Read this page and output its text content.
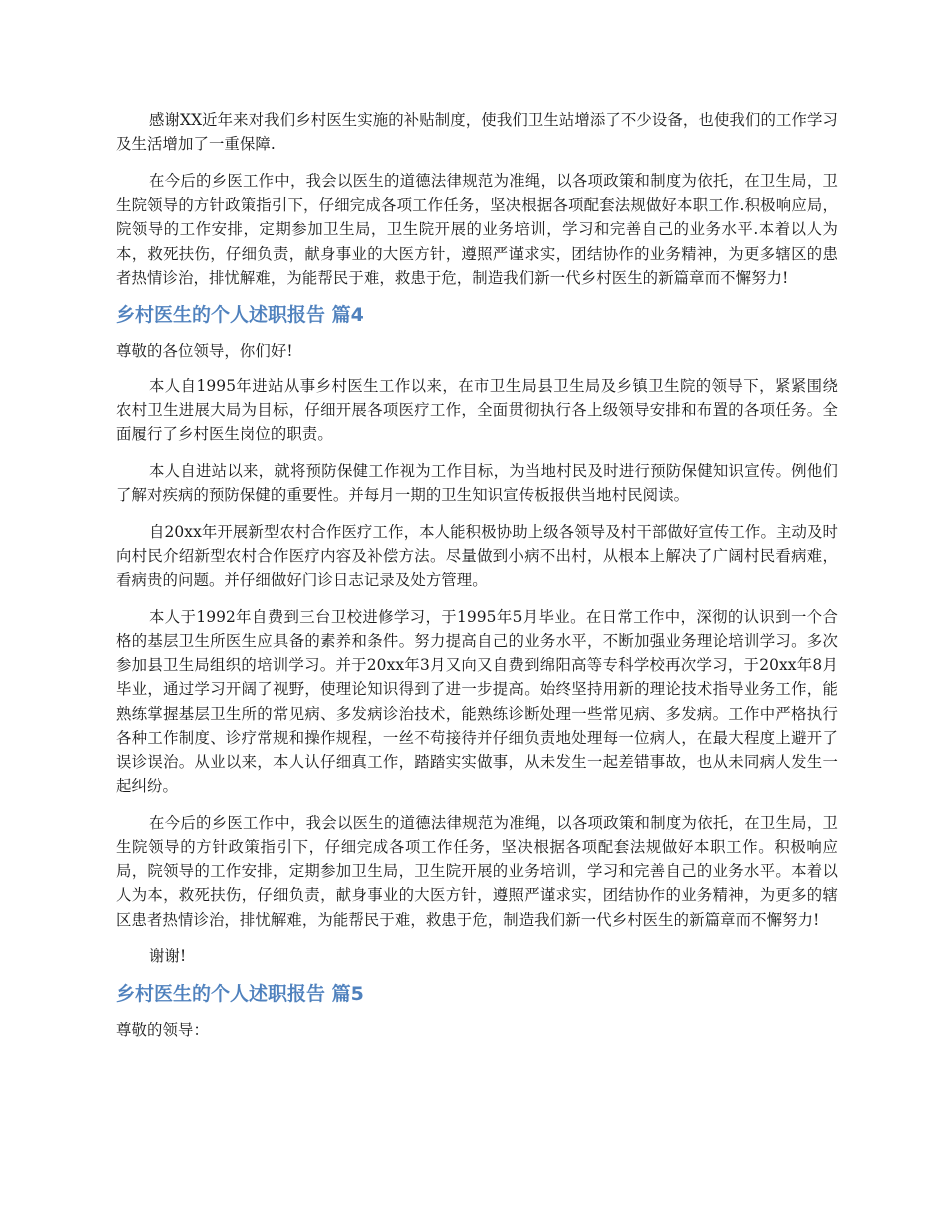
感谢XX近年来对我们乡村医生实施的补贴制度，使我们卫生站增添了不少设备，也使我们的工作学习及生活增加了一重保障.

在今后的乡医工作中，我会以医生的道德法律规范为准绳，以各项政策和制度为依托，在卫生局，卫生院领导的方针政策指引下，仔细完成各项工作任务，坚决根据各项配套法规做好本职工作.积极响应局，院领导的工作安排，定期参加卫生局，卫生院开展的业务培训，学习和完善自己的业务水平.本着以人为本，救死扶伤，仔细负责，献身事业的大医方针，遵照严谨求实，团结协作的业务精神，为更多辖区的患者热情诊治，排忧解难，为能帮民于难，救患于危，制造我们新一代乡村医生的新篇章而不懈努力!

乡村医生的个人述职报告 篇4

尊敬的各位领导，你们好!

本人自1995年进站从事乡村医生工作以来，在市卫生局县卫生局及乡镇卫生院的领导下，紧紧围绕农村卫生进展大局为目标，仔细开展各项医疗工作，全面贯彻执行各上级领导安排和布置的各项任务。全面履行了乡村医生岗位的职责。

本人自进站以来，就将预防保健工作视为工作目标，为当地村民及时进行预防保健知识宣传。例他们了解对疾病的预防保健的重要性。并每月一期的卫生知识宣传板报供当地村民阅读。

自20xx年开展新型农村合作医疗工作，本人能积极协助上级各领导及村干部做好宣传工作。主动及时向村民介绍新型农村合作医疗内容及补偿方法。尽量做到小病不出村，从根本上解决了广阔村民看病难，看病贵的问题。并仔细做好门诊日志记录及处方管理。

本人于1992年自费到三台卫校进修学习，于1995年5月毕业。在日常工作中，深彻的认识到一个合格的基层卫生所医生应具备的素养和条件。努力提高自己的业务水平，不断加强业务理论培训学习。多次参加县卫生局组织的培训学习。并于20xx年3月又向又自费到绵阳高等专科学校再次学习，于20xx年8月毕业，通过学习开阔了视野，使理论知识得到了进一步提高。始终坚持用新的理论技术指导业务工作，能熟练掌握基层卫生所的常见病、多发病诊治技术，能熟练诊断处理一些常见病、多发病。工作中严格执行各种工作制度、诊疗常规和操作规程，一丝不苟接待并仔细负责地处理每一位病人，在最大程度上避开了误诊误治。从业以来，本人认仔细真工作，踏踏实实做事，从未发生一起差错事故，也从未同病人发生一起纠纷。

在今后的乡医工作中，我会以医生的道德法律规范为准绳，以各项政策和制度为依托，在卫生局，卫生院领导的方针政策指引下，仔细完成各项工作任务，坚决根据各项配套法规做好本职工作。积极响应局，院领导的工作安排，定期参加卫生局，卫生院开展的业务培训，学习和完善自己的业务水平。本着以人为本，救死扶伤，仔细负责，献身事业的大医方针，遵照严谨求实，团结协作的业务精神，为更多的辖区患者热情诊治，排忧解难，为能帮民于难，救患于危，制造我们新一代乡村医生的新篇章而不懈努力!

谢谢!

乡村医生的个人述职报告 篇5

尊敬的领导：
